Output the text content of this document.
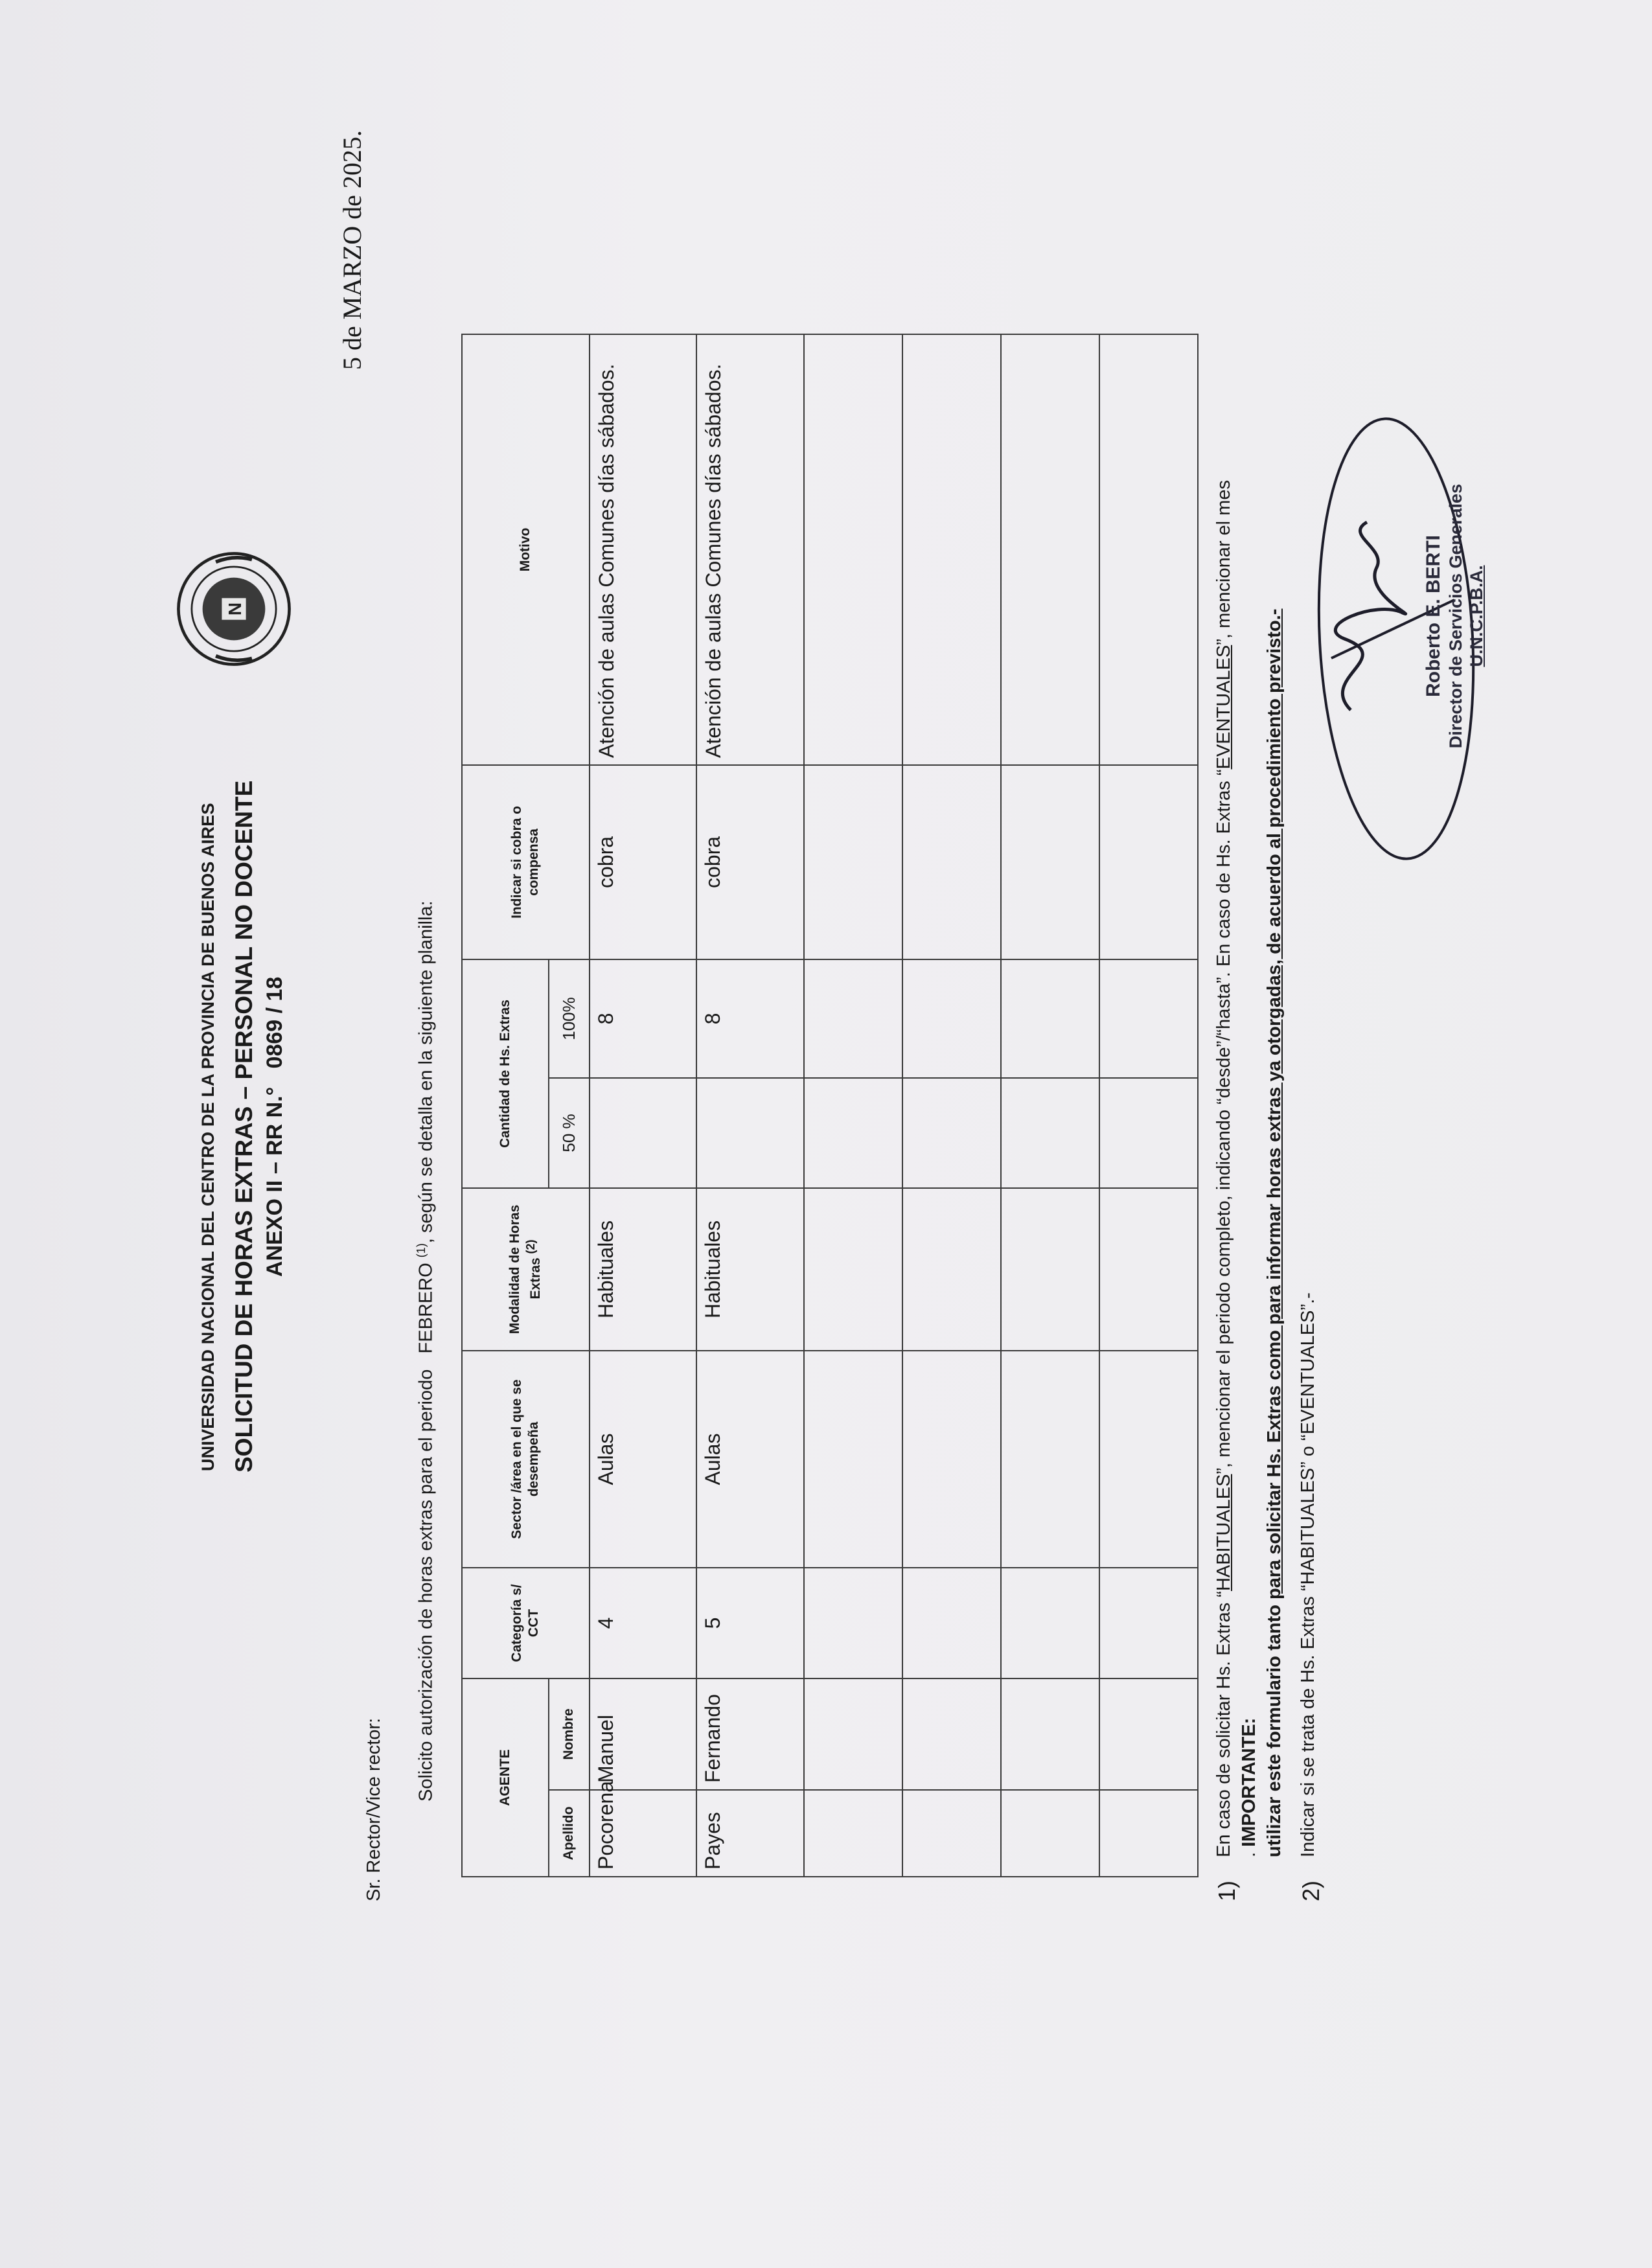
5 de MARZO de 2025.
N
UNIVERSIDAD NACIONAL DEL CENTRO DE LA PROVINCIA DE BUENOS AIRES SOLICITUD DE HORAS EXTRAS – PERSONAL NO DOCENTE ANEXO II – RR N.°   0869 / 18
Sr. Rector/Vice rector:
Solicito autorización de horas extras para el periodo   FEBRERO $^{(1)}$, según se detalla en la siguiente planilla:
AGENTE		Categoría s/ CCT	Sector /área en el que se desempeña	Modalidad de Horas Extras $^{(2)}$	Cantidad de Hs. Extras		Indicar si cobra o compensa	Motivo
Apellido	Nombre				50 %	100%		
Pocorena	Manuel	4	Aulas	Habituales		8	cobra	Atención de aulas Comunes días sábados.
Payes	Fernando	5	Aulas	Habituales		8	cobra	Atención de aulas Comunes días sábados.

1)
En caso de solicitar Hs. Extras “HABITUALES”, mencionar el periodo completo, indicando “desde”/“hasta”. En caso de Hs. Extras “EVENTUALES”, mencionar el mes . IMPORTANTE: utilizar este formulario tanto para solicitar Hs. Extras como para informar horas extras ya otorgadas, de acuerdo al procedimiento previsto.-
2)
Indicar si se trata de Hs. Extras “HABITUALES” o “EVENTUALES”.-
Roberto E. BERTI Director de Servicios Generales U.N.C.P.B.A.
